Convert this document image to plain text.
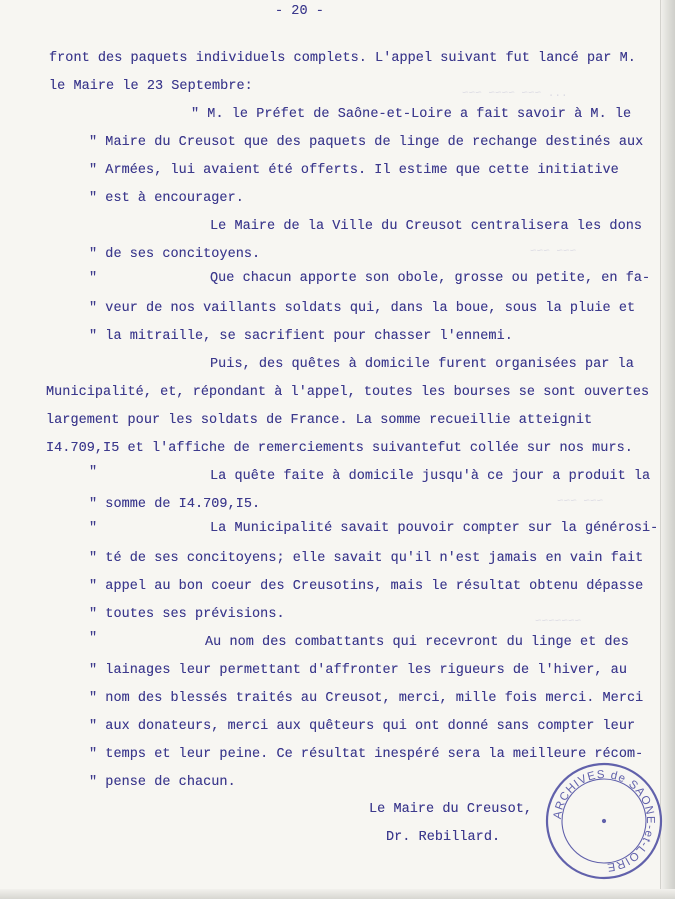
... ~~~ ~~~~ ~~~
~~~ ~~~
~~~ ~~~
~~~~~~~
- 20 -
front des paquets individuels complets. L'appel suivant fut lancé par M.
le Maire le 23 Septembre:
" M. le Préfet de Saône-et-Loire a fait savoir à M. le
" Maire du Creusot que des paquets de linge de rechange destinés aux
" Armées, lui avaient été offerts. Il estime que cette initiative
" est à encourager.
Le Maire de la Ville du Creusot centralisera les dons
" de ses concitoyens.
"	Que chacun apporte son obole, grosse ou petite, en fa-
" veur de nos vaillants soldats qui, dans la boue, sous la pluie et
" la mitraille, se sacrifient pour chasser l'ennemi.
Puis, des quêtes à domicile furent organisées par la
Municipalité, et, répondant à l'appel, toutes les bourses se sont ouvertes
largement pour les soldats de France. La somme recueillie atteignit
I4.709,I5 et l'affiche de remerciements suivantefut collée sur nos murs.
"	La quête faite à domicile jusqu'à ce jour a produit la
" somme de I4.709,I5.
"	La Municipalité savait pouvoir compter sur la générosi-
" té de ses concitoyens; elle savait qu'il n'est jamais en vain fait
" appel au bon coeur des Creusotins, mais le résultat obtenu dépasse
" toutes ses prévisions.
"	Au nom des combattants qui recevront du linge et des
" lainages leur permettant d'affronter les rigueurs de l'hiver, au
" nom des blessés traités au Creusot, merci, mille fois merci. Merci
" aux donateurs, merci aux quêteurs qui ont donné sans compter leur
" temps et leur peine. Ce résultat inespéré sera la meilleure récom-
" pense de chacun.
Le Maire du Creusot,
Dr. Rebillard.
ARCHIVES de SAONE-et-LOIRE
